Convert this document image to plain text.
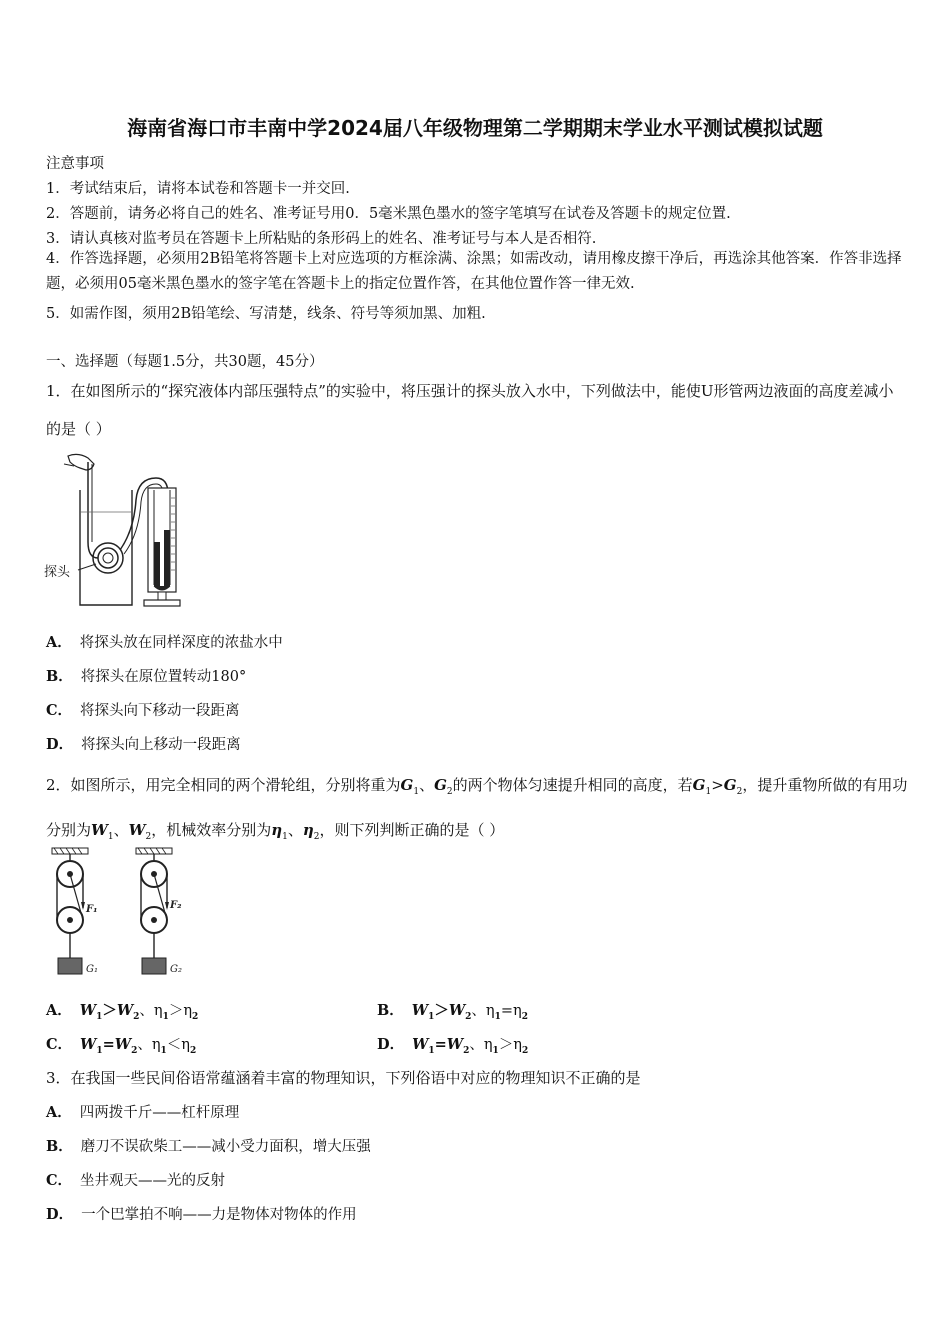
海南省海口市丰南中学2024届八年级物理第二学期期末学业水平测试模拟试题
注意事项
1．考试结束后，请将本试卷和答题卡一并交回.
2．答题前，请务必将自己的姓名、准考证号用0．5毫米黑色墨水的签字笔填写在试卷及答题卡的规定位置.
3．请认真核对监考员在答题卡上所粘贴的条形码上的姓名、准考证号与本人是否相符.
4．作答选择题，必须用2B铅笔将答题卡上对应选项的方框涂满、涂黑；如需改动，请用橡皮擦干净后，再选涂其他答案．作答非选择题，必须用05毫米黑色墨水的签字笔在答题卡上的指定位置作答，在其他位置作答一律无效.
5．如需作图，须用2B铅笔绘、写清楚，线条、符号等须加黑、加粗.
一、选择题（每题1.5分，共30题，45分）
1．在如图所示的“探究液体内部压强特点”的实验中，将压强计的探头放入水中，下列做法中，能使U形管两边液面的高度差减小的是（ ）
探头
A． 将探头放在同样深度的浓盐水中
B． 将探头在原位置转动180°
C． 将探头向下移动一段距离
D． 将探头向上移动一段距离
2．如图所示，用完全相同的两个滑轮组，分别将重为$G_1$、$G_2$的两个物体匀速提升相同的高度，若$G_1>G_2$，提升重物所做的有用功分别为$W_1$、$W_2$，机械效率分别为$\eta_1$、$\eta_2$，则下列判断正确的是（ ）
F₁
G₁
F₂
G₂
A． $W_1>W_2$、$\eta_1>\eta_2$	B． $W_1>W_2$、$\eta_1=\eta_2$
C． $W_1=W_2$、$\eta_1<\eta_2$	D． $W_1=W_2$、$\eta_1>\eta_2$
3．在我国一些民间俗语常蕴涵着丰富的物理知识，下列俗语中对应的物理知识不正确的是
A． 四两拨千斤——杠杆原理
B． 磨刀不误砍柴工——减小受力面积，增大压强
C． 坐井观天——光的反射
D． 一个巴掌拍不响——力是物体对物体的作用
